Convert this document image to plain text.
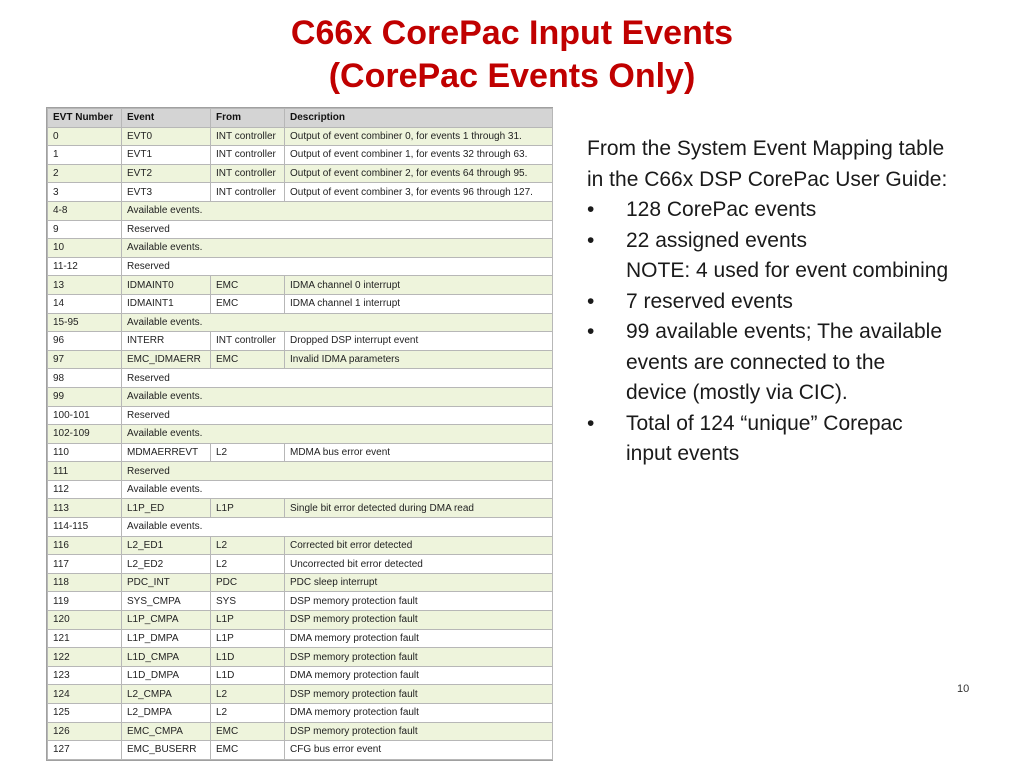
C66x CorePac Input Events
(CorePac Events Only)
EVT Number	Event	From	Description
0	EVT0	INT controller	Output of event combiner 0, for events 1 through 31.
1	EVT1	INT controller	Output of event combiner 1, for events 32 through 63.
2	EVT2	INT controller	Output of event combiner 2, for events 64 through 95.
3	EVT3	INT controller	Output of event combiner 3, for events 96 through 127.
4-8	Available events.		
9	Reserved		
10	Available events.		
11-12	Reserved		
13	IDMAINT0	EMC	IDMA channel 0 interrupt
14	IDMAINT1	EMC	IDMA channel 1 interrupt
15-95	Available events.		
96	INTERR	INT controller	Dropped DSP interrupt event
97	EMC_IDMAERR	EMC	Invalid IDMA parameters
98	Reserved		
99	Available events.		
100-101	Reserved		
102-109	Available events.		
110	MDMAERREVT	L2	MDMA bus error event
111	Reserved		
112	Available events.		
113	L1P_ED	L1P	Single bit error detected during DMA read
114-115	Available events.		
116	L2_ED1	L2	Corrected bit error detected
117	L2_ED2	L2	Uncorrected bit error detected
118	PDC_INT	PDC	PDC sleep interrupt
119	SYS_CMPA	SYS	DSP memory protection fault
120	L1P_CMPA	L1P	DSP memory protection fault
121	L1P_DMPA	L1P	DMA memory protection fault
122	L1D_CMPA	L1D	DSP memory protection fault
123	L1D_DMPA	L1D	DMA memory protection fault
124	L2_CMPA	L2	DSP memory protection fault
125	L2_DMPA	L2	DMA memory protection fault
126	EMC_CMPA	EMC	DSP memory protection fault
127	EMC_BUSERR	EMC	CFG bus error event
From the System Event Mapping table
in the C66x DSP CorePac User Guide:
• 128 CorePac events
• 22 assigned events
NOTE: 4 used for event combining
• 7 reserved events
• 99 available events; The available
events are connected to the
device (mostly via CIC).
• Total of 124 “unique” Corepac
input events
10
